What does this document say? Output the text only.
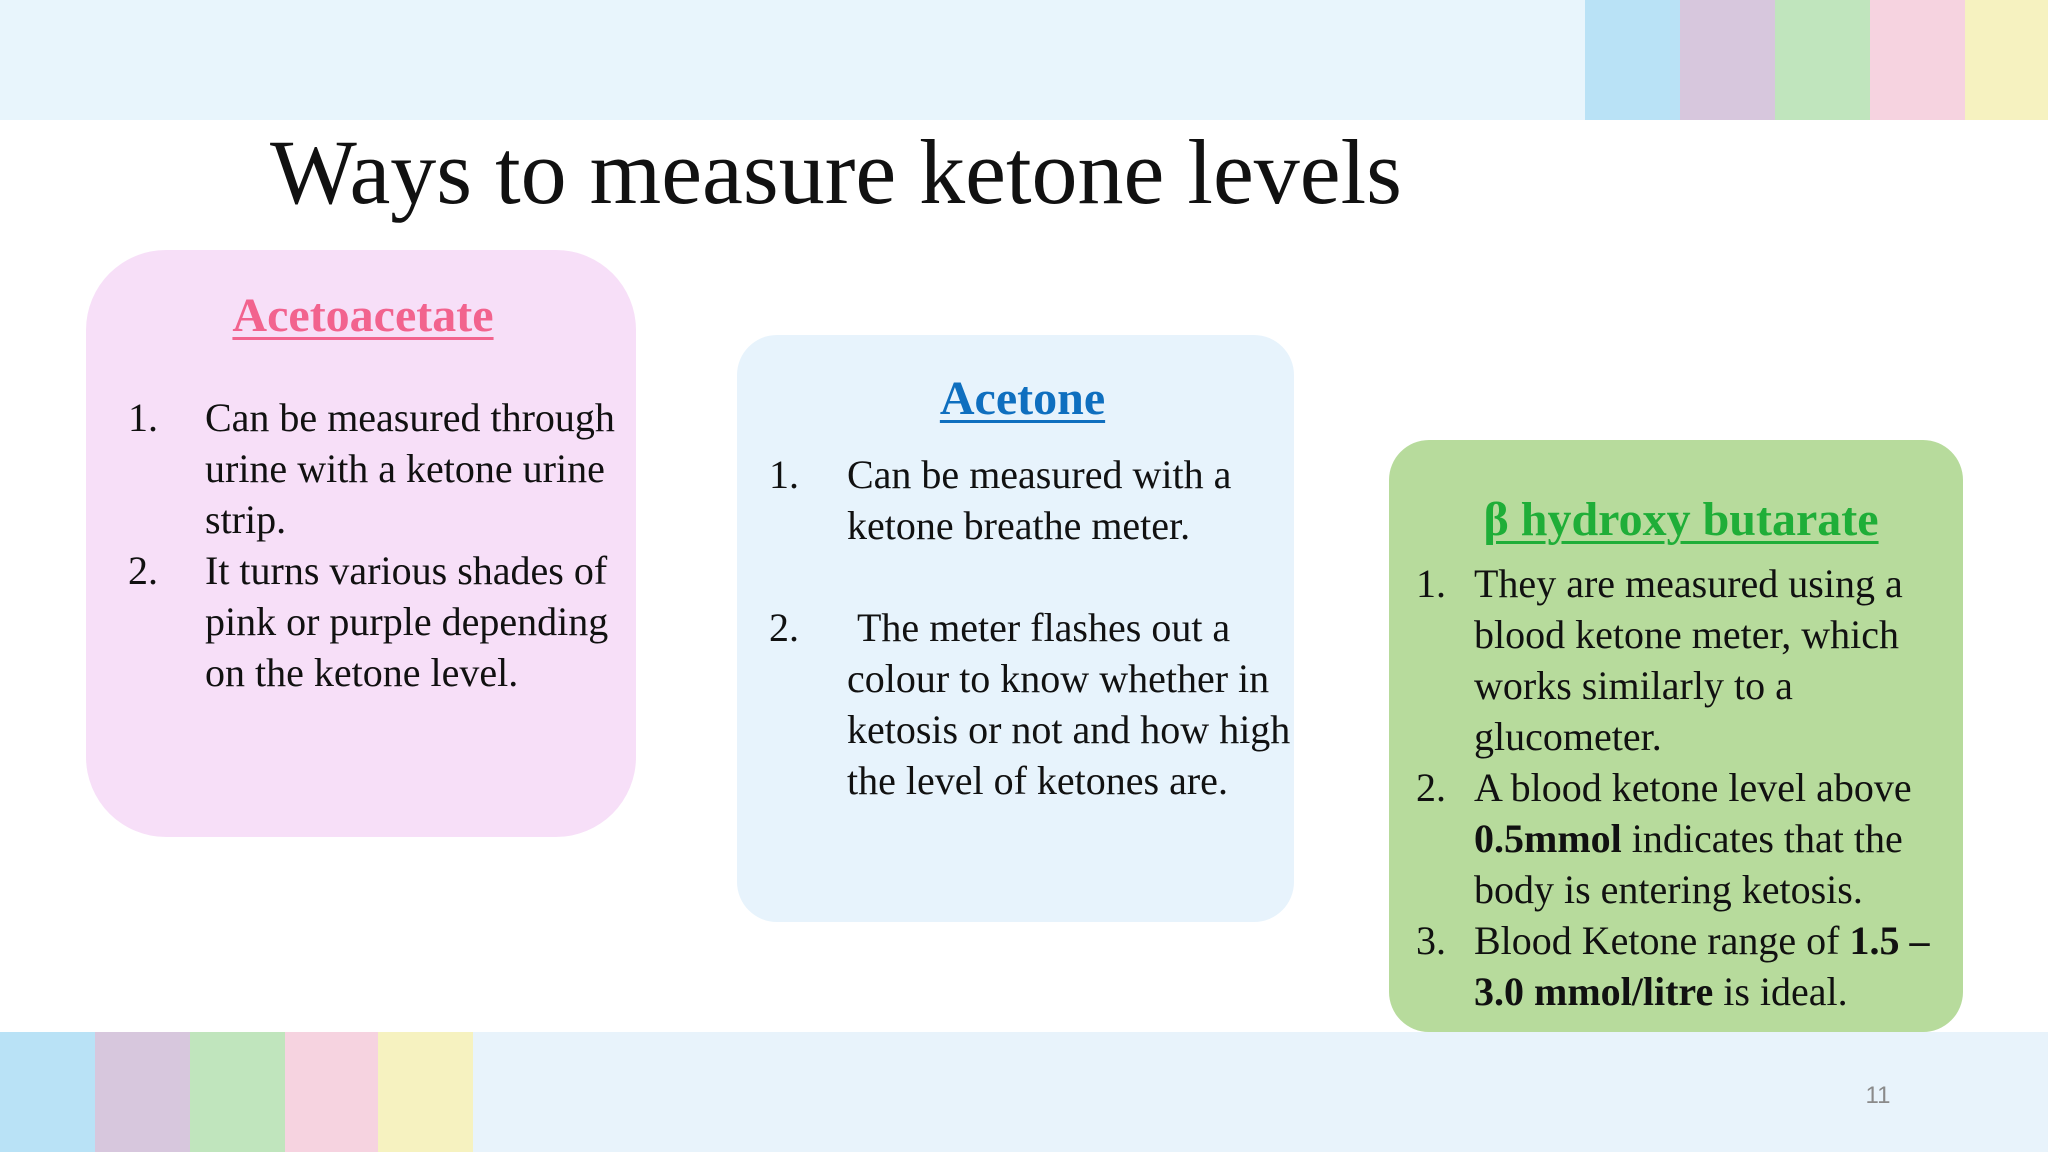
Ways to measure ketone levels
Acetoacetate
1.	Can be measured through urine with a ketone urine strip.
2.	It turns various shades of pink or purple depending on the ketone level.
Acetone
1.	Can be measured with a ketone breathe meter.
2.	The meter flashes out a colour to know whether in ketosis or not and how high the level of ketones are.
β hydroxy butarate
1. They are measured using a blood ketone meter, which works similarly to a glucometer.
2. A blood ketone level above 0.5mmol indicates that the body is entering ketosis.
3. Blood Ketone range of 1.5 – 3.0 mmol/litre is ideal.
11
